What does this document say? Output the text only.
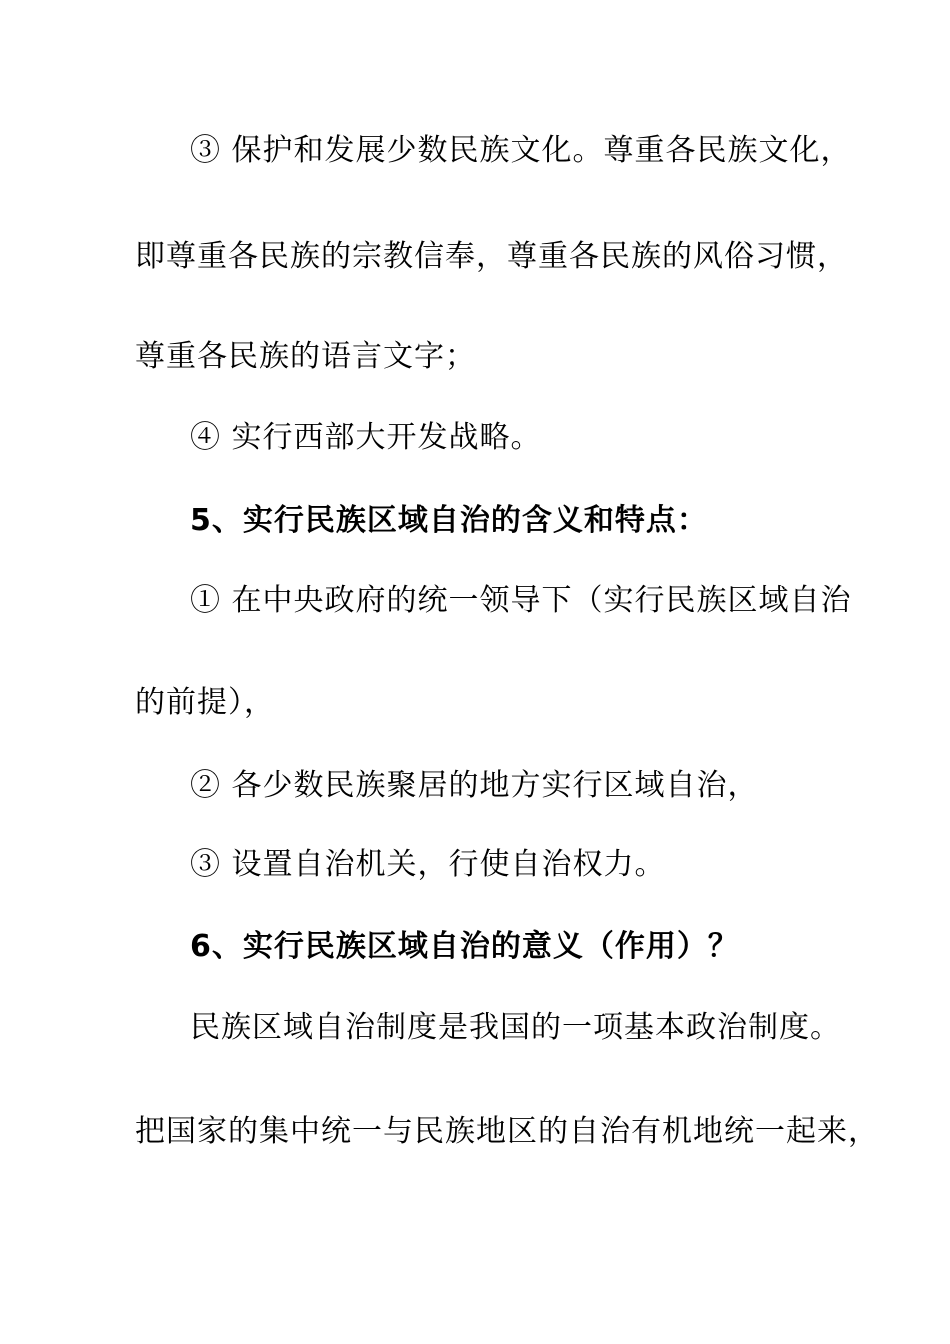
③ 保护和发展少数民族文化。尊重各民族文化，

即尊重各民族的宗教信奉，尊重各民族的风俗习惯，

尊重各民族的语言文字；

④ 实行西部大开发战略。

5、实行民族区域自治的含义和特点：

① 在中央政府的统一领导下（实行民族区域自治

的前提），

② 各少数民族聚居的地方实行区域自治，

③ 设置自治机关，行使自治权力。

6、实行民族区域自治的意义（作用）？

民族区域自治制度是我国的一项基本政治制度。

把国家的集中统一与民族地区的自治有机地统一起来，
